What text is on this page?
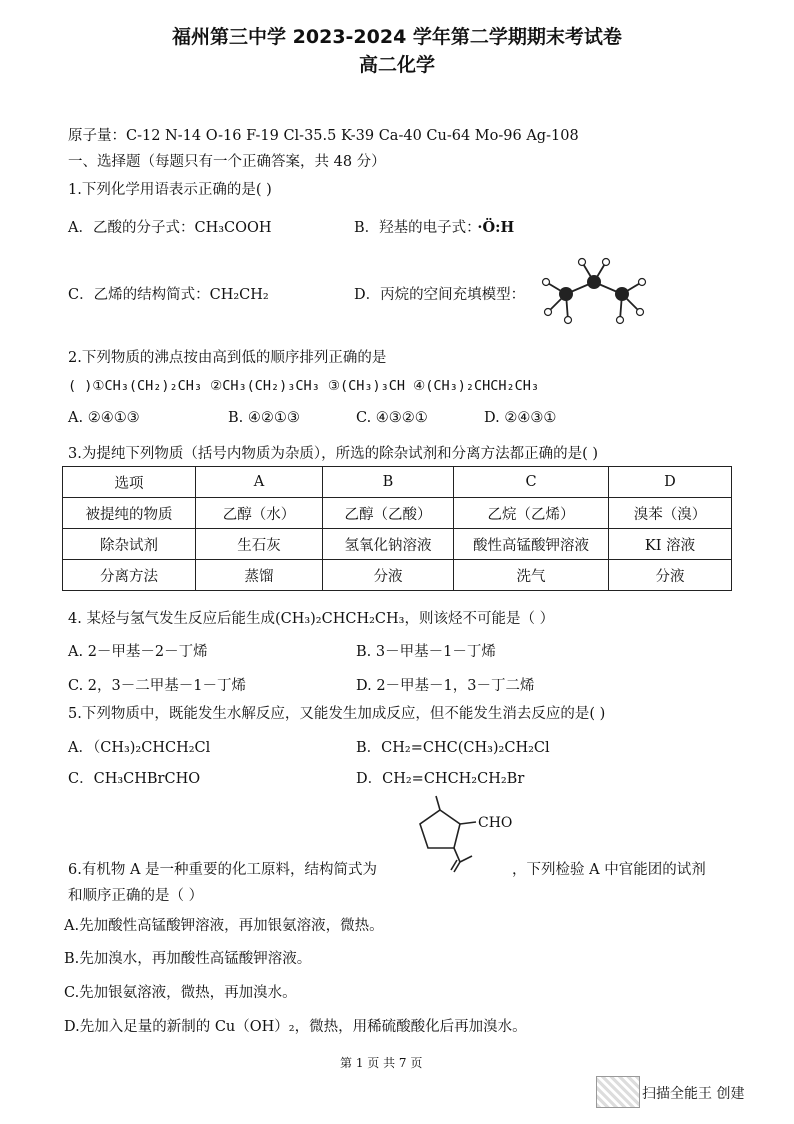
福州第三中学 2023-2024 学年第二学期期末考试卷
高二化学
原子量：C-12 N-14 O-16 F-19 Cl-35.5 K-39 Ca-40 Cu-64 Mo-96 Ag-108
一、选择题（每题只有一个正确答案，共 48 分）
1.下列化学用语表示正确的是( )
A．乙酸的分子式：CH₃COOH	B．羟基的电子式： ·Ö:H
C．乙烯的结构简式：CH₂CH₂	D．丙烷的空间充填模型：
2.下列物质的沸点按由高到低的顺序排列正确的是
( )①CH₃(CH₂)₂CH₃ ②CH₃(CH₂)₃CH₃ ③(CH₃)₃CH ④(CH₃)₂CHCH₂CH₃
A. ②④①③	B. ④②①③	C. ④③②①	D. ②④③①
3.为提纯下列物质（括号内物质为杂质），所选的除杂试剂和分离方法都正确的是( )
选项	A	B	C	D
被提纯的物质	乙醇（水）	乙醇（乙酸）	乙烷（乙烯）	溴苯（溴）
除杂试剂	生石灰	氢氧化钠溶液	酸性高锰酸钾溶液	KI 溶液
分离方法	蒸馏	分液	洗气	分液
4. 某烃与氢气发生反应后能生成(CH₃)₂CHCH₂CH₃，则该烃不可能是（ ）
A. 2－甲基－2－丁烯	B. 3－甲基－1－丁烯
C. 2，3－二甲基－1－丁烯	D. 2－甲基－1，3－丁二烯
5.下列物质中，既能发生水解反应，又能发生加成反应，但不能发生消去反应的是( )
A．（CH₃)₂CHCH₂Cl	B．CH₂=CHC(CH₃)₂CH₂Cl
C．CH₃CHBrCHO	D．CH₂=CHCH₂CH₂Br
CHO
6.有机物 A 是一种重要的化工原料，结构简式为	，下列检验 A 中官能团的试剂
和顺序正确的是（ ）
A.先加酸性高锰酸钾溶液，再加银氨溶液，微热。
B.先加溴水，再加酸性高锰酸钾溶液。
C.先加银氨溶液，微热，再加溴水。
D.先加入足量的新制的 Cu（OH）₂，微热，用稀硫酸酸化后再加溴水。
第 1 页 共 7 页
扫描全能王 创建
